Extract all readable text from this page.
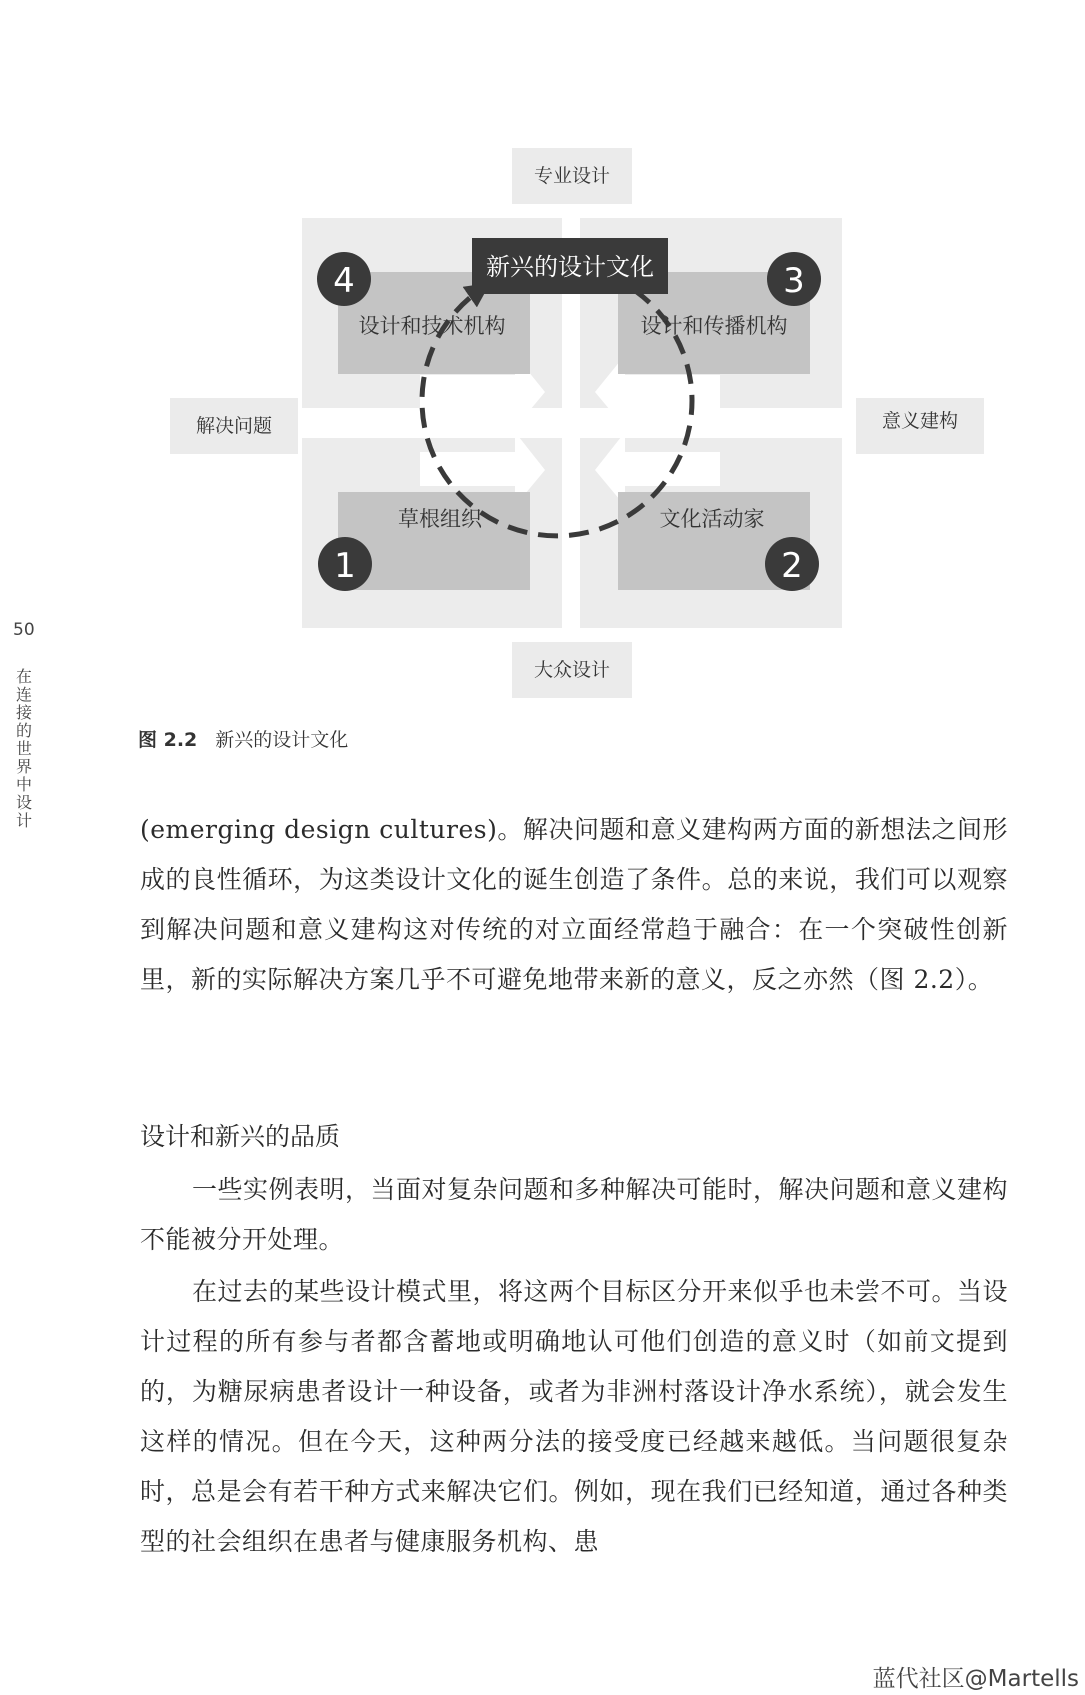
新兴的设计文化
设计和技术机构	设计和传播机构
草根组织	文化活动家
4	3
1	2
专业设计
大众设计
解决问题	意义建构
50
在连接的世界中设计
图 2.2 新兴的设计文化

(emerging design cultures)。解决问题和意义建构两方面的新想法之间形成的良性循环，为这类设计文化的诞生创造了条件。总的来说，我们可以观察到解决问题和意义建构这对传统的对立面经常趋于融合：在一个突破性创新里，新的实际解决方案几乎不可避免地带来新的意义，反之亦然（图 2.2）。

设计和新兴的品质

一些实例表明，当面对复杂问题和多种解决可能时，解决问题和意义建构不能被分开处理。

在过去的某些设计模式里，将这两个目标区分开来似乎也未尝不可。当设计过程的所有参与者都含蓄地或明确地认可他们创造的意义时（如前文提到的，为糖尿病患者设计一种设备，或者为非洲村落设计净水系统），就会发生这样的情况。但在今天，这种两分法的接受度已经越来越低。当问题很复杂时，总是会有若干种方式来解决它们。例如，现在我们已经知道，通过各种类型的社会组织在患者与健康服务机构、患

蓝代社区@Martells
